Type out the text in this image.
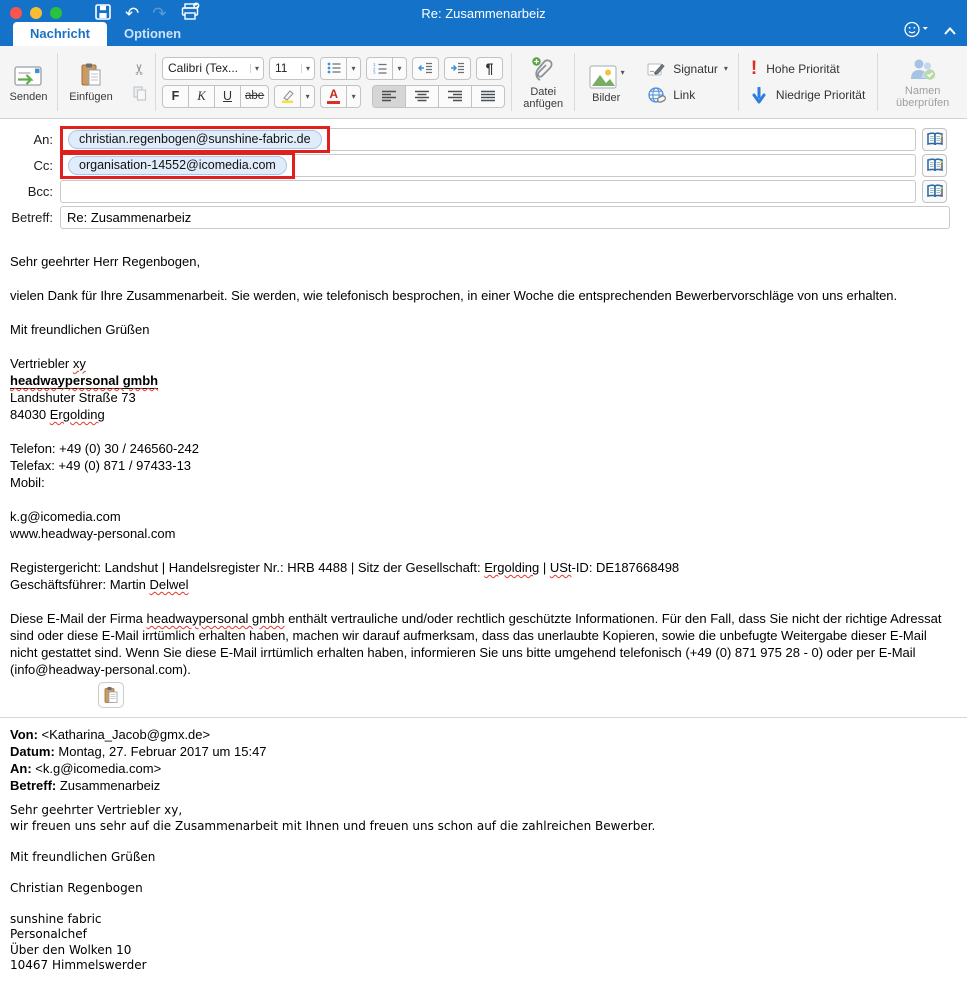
↶ ↷	Re: Zusammenarbeiz
Nachricht	Optionen
Senden Einfügen
✂	Calibri (Tex...	▾	11	▾	▾	1
2
3
▾	¶
F	K	U	abe	▾	A	▾	Datei
anfügen
▾
Bilder
Signatur ▾
Link
! Hohe Priorität
Niedrige Priorität	Namen
überprüfen
An:	christian.regenbogen@sunshine-fabric.de
Cc:	organisation-14552@icomedia.com
Bcc:
Betreff:	Re: Zusammenarbeiz
Sehr geehrter Herr Regenbogen,
vielen Dank für Ihre Zusammenarbeit. Sie werden, wie telefonisch besprochen, in einer Woche die entsprechenden Bewerbervorschläge von uns erhalten.
Mit freundlichen Grüßen
Vertriebler xy
headwaypersonal gmbh
Landshuter Straße 73
84030 Ergolding
Telefon: +49 (0) 30 / 246560-242
Telefax: +49 (0) 871 / 97433-13
Mobil:
k.g@icomedia.com
www.headway-personal.com
Registergericht: Landshut | Handelsregister Nr.: HRB 4488 | Sitz der Gesellschaft: Ergolding | USt-ID: DE187668498
Geschäftsführer: Martin Delwel
Diese E-Mail der Firma headwaypersonal gmbh enthält vertrauliche und/oder rechtlich geschützte Informationen. Für den Fall, dass Sie nicht der richtige Adressat sind oder diese E-Mail irrtümlich erhalten haben, machen wir darauf aufmerksam, dass das unerlaubte Kopieren, sowie die unbefugte Weitergabe dieser E-Mail nicht gestattet sind. Wenn Sie diese E-Mail irrtümlich erhalten haben, informieren Sie uns bitte umgehend telefonisch (+49 (0) 871 975 28 - 0) oder per E-Mail (info@headway-personal.com).
Von: <Katharina_Jacob@gmx.de>
Datum: Montag, 27. Februar 2017 um 15:47
An: <k.g@icomedia.com>
Betreff: Zusammenarbeiz
Sehr geehrter Vertriebler xy,
wir freuen uns sehr auf die Zusammenarbeit mit Ihnen und freuen uns schon auf die zahlreichen Bewerber.
Mit freundlichen Grüßen
Christian Regenbogen
sunshine fabric
Personalchef
Über den Wolken 10
10467 Himmelswerder
